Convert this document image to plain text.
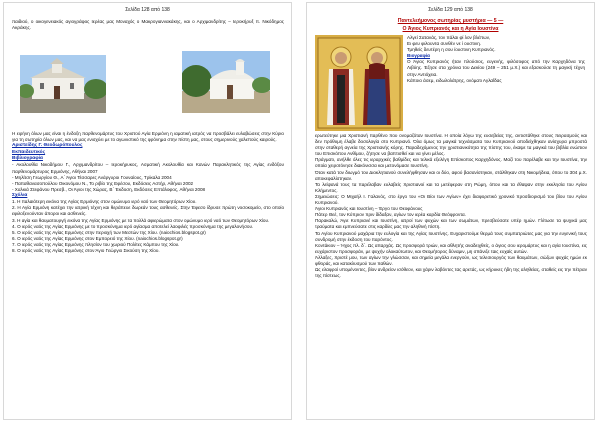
Σελίδα 128 από 138
παιδιού, ο οικογενειακός αγιογράφος Ιερέας μας Μοναχός ο Μακρογιαννακάκης, και ο Αρχιμανδρίτης – Ιεροκήρυξ π. Νικόδημος Ακράκης.

Η ειρήνη όλων μας είναι η ένδοξη παρθενομάρτυς του Χριστού Αγία Ερμιόνη η ιαματική ιατρός να προσβάλει ευλαβώσεις στην Κύριο για τη σωτηρία όλων μας, και να μας ενισχύει με το αγωνιστικό της φρόνημα στην πίστη μας, στους σημερινούς χαλεπούς καιρούς.

Αριστείδης Γ. Θεοδωρόπουλος

Εκπαιδευτικός

Βιβλιογραφία

- Ακολουθία Νικοδήμου Γ., Αρχιμανδρίτου – Ιεροκήρυκος, Ασματική Ακολουθία και Κανών Παρακλητικός της Αγίας ενδόξου παρθενομάρτυρος Ερμιόνης, Αθήναι 2007

- Μηλίτση Γεωργίου Θ., Α΄ Άγιοι Τέσσαρες Ανάργυροι Γουναίους, Τρίκαλα 2004

- Παπαθανασοπούλου Οικονόμου Ν., Το ριβίο της Εφέσου, Εκδόσεις Αστήρ, Αθήναι 2002

- Χαλκιά Στεφάνου Πρεσβ., Οι Άγιοι της Χώρας, Β΄ Έκδοση, Εκδόσεις Επτάλοφος, Αθήναι 2008

Σχόλια

1. Η παλαιότερη εικόνα της Αγίας Ερμιόνης στον ομώνυμο ιερό ναό των Θεομητόρων Χίου.

2. Η Αγία Ερμιόνη κατέχει την ιατρική τέχνη και θεράπευε δωρεάν τους ασθενείς. Στην Έφεσο ίδρυσε πρώτη νοσοκομείο, στο οποίο εφιλοξενούνταν άποροι και ασθενείς.

3. Η αγία και θαυματουργή εικόνα της Αγίας Ερμιόνης με τα πολλά αφιερώματα στον ομώνυμο ιερό ναό των Θεομητόρων Χίου.

4. Ο ιερός ναός της Αγίας Ερμιόνης με το προσκύνημα ιερό αγίασμα αποτελεί λαοφιλές προσκύνημα της μεγαλονήσου.

5. Ο ιερός ναός της Αγίας Ερμιόνης στην περιοχή των Μεστών της Χίου. (naiochios.blogspot.gr)

6. Ο ιερός ναός της Αγίας Ερμιόνης στον Εμπορειό της Χίου. (naiochios.blogspot.gr)

7. Ο ιερός ναός της Αγίας Ερμιόνης πλησίον του χωριού Πολίτες Κάμπου της Χίου.

8. Ο ιερός ναός της Αγίας Ερμιόνης στον Άγιο Γεώργιο Σικούση της Χίου.

Σελίδα 129 από 138
Παντελεήμονος σωτηρίας μυστήρια — 5 —
Ο Άγιος Κυπριανός και η Αγία Ιουστίνα

Αλγεί Σατανάς, τον πάλαι φί λον βλέπων,

Ει φευ φιλουντα συνθέν νε ί ουστινη.

Τμηθείς δευτέρη η σου ίουστινη Κυπριανός.

Βιογραφία

Ο Άγιος Κυπριανός ήταν πλούσιος, ευγενής, φιλόσοφος από την Καρχηδόνα της Λιβύης. Έζησε στα χρόνια του Δεκίου (249 – 251 μ.Χ.) και εξασκούσε τη μαγική τέχνη στην Αντιόχεια.

Κάποιο άσεμ, ειδωλολάτρης, ονόματι Αγλαΐδας

ερωτεύτηκε μια Χριστιανή παρθένο που ονομαζόταν Ιουστίνα. Η οποία λόγω της ευσεβείας της, αντιστάθηκε στους πειρασμούς και δεν πρόθυμη έλαβε δοσολογία στο Κυπριανό. Όλα όμως τα μαγικά τεχνάσματα του Κυπριανού αποδείχθηκαν ανίσχυρα μπροστά στην σταθερή αγνεία της Χριστιανής κόρης. Παραδεχόμενος την χριστιανικότητα της πίστης του, έκαψε τα μαγικά του βιβλία ενώπιον του Επισκόπου Ανθίμου, ζήτησε να βαπτισθεί και να γίνει μέλος.

Πράγματι, ανήλθε όλες τις ιεραρχικές βαθμίδες και τελικά εξελέγη Επίσκοπος Καρχηδόνος. Μαζί του παρέλαβε και την Ιουστίνα, την οποία χειροτόνησε διακόνισσα και μετονόμασε Ιουστίνη.

Όταν κατά τον διωγμό του Διοκλητιανού συνελήφθησαν και οι δύο, αφού βασανίστηκαν, στάλθηκαν στη Νικομήδεια, όπου το 304 μ.Χ. αποκεφαλίστηκαν.

Τα λείψανά τους τα παρέλαβαν ευλαβείς Χριστιανοί και τα μετέφεραν στη Ρώμη, όπου και τα έθαψαν στην εκκλησία του Αγίου Κλήμεντος.

Σημειώσεις: Ο Μιχαήλ Ι. Γαλανός, στο έργο του «Οι Βίοι των Αγίων» έχει διαφορετικό χρονικό προσδιορισμό του βίου του Αγίου Κυπριανού.

Άγιοι Κυπριανός και Ιουστίνη – Έργο του Θεοφάνους

Πάτερ Θεέ, τον Κύπριον πριν δίδαξαν, αγίων τον ιερέα καρδία Θεόφροντα.

Παρακαλώ, Άγιε Κυπριανέ και Ιουστίνη, ιατροί των ψυχών και των σωμάτων, πρεσβεύσατε υπέρ ημών. Γλίτωσε τα ψυχικά μας τραύματα και εμπνεύσατε στις καρδίες μας την αληθινή πίστη.

Τα Αγίου Κυπριανού μαχάρια την ευλογία και της Αγίας Ιουστίνης. Ευχαριστούμε θερμά τους συμπατριώτες μας για την ευγενική τους συνδρομή στην έκδοση του παρόντος.

Κοντάκιον – Ήχος πλ. δ΄. Ως απαρχάς. Ως προσφορά τριών, και αθλητής αναδειχθείς, ο άγιος σου ιερομάρτυς και η αγία Ιουστίνα, εις ευχάριστον προσφοράν, με ψυχήν ολοκαύτωτον, και Θεομήτορος δύναμιν, μη σπάνιζε ταις ευχαίς αυτών.

Άλλαξες, Χριστέ μου, των αγίων την γλώσσαν, και σημεία μεγάλα ενεργούν, ως τελεσιουργός των θαυμάτων, σώζων ψυχάς ημών εκ φθοράς, και κατακλυσμού των παθών.

Ως ελαφροί υπομένοντες, βίον ανδρείον ισόθεον, και χάριν λαβόντες τας αρετάς, ως κήρυκες ήδη της αληθείας, σταθείς εις την πέτραν της πίστεως.
